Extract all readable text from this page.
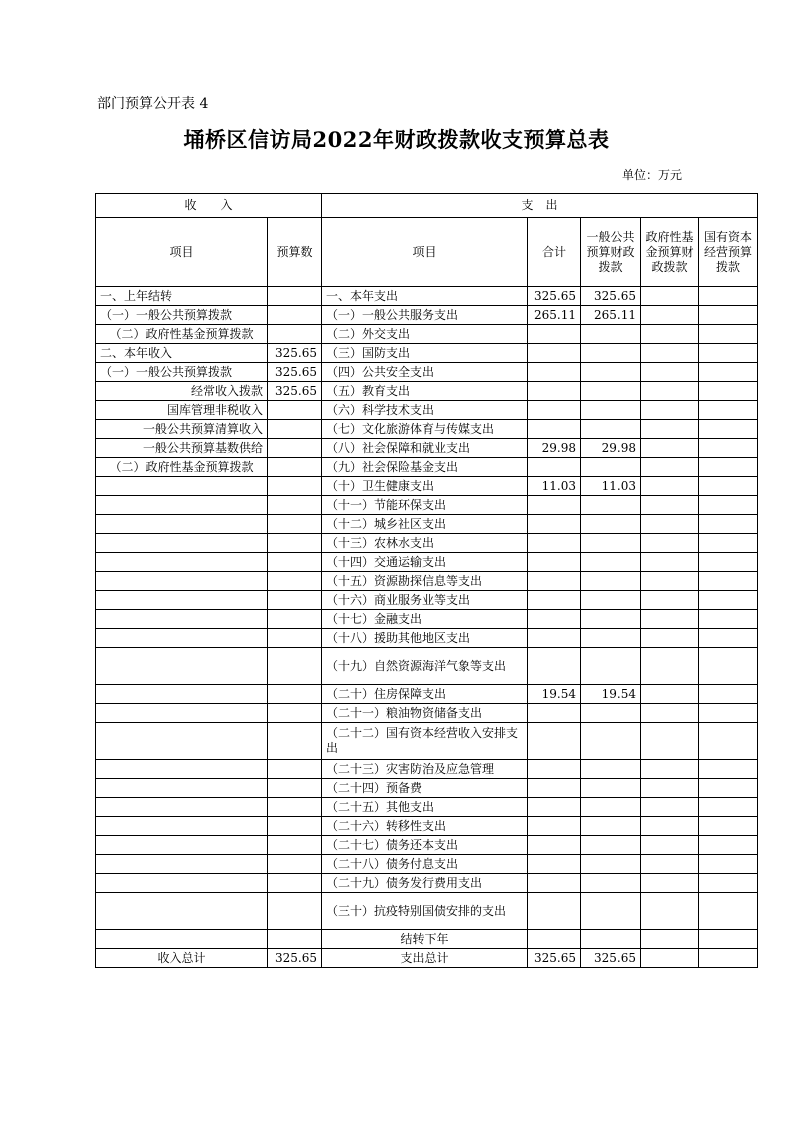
部门预算公开表 4
埇桥区信访局2022年财政拨款收支预算总表
单位：万元
收　　入		支　出				
项目	预算数	项目	合计	一般公共预算财政拨款	政府性基金预算财政拨款	国有资本经营预算拨款
一、上年结转		一、本年支出	325.65	325.65		
（一）一般公共预算拨款		（一）一般公共服务支出	265.11	265.11		
（二）政府性基金预算拨款		（二）外交支出				
二、本年收入	325.65	（三）国防支出				
（一）一般公共预算拨款	325.65	（四）公共安全支出				
经常收入拨款	325.65	（五）教育支出				
国库管理非税收入		（六）科学技术支出				
一般公共预算清算收入		（七）文化旅游体育与传媒支出				
一般公共预算基数供给		（八）社会保障和就业支出	29.98	29.98		
（二）政府性基金预算拨款		（九）社会保险基金支出				
		（十）卫生健康支出	11.03	11.03		
		（十一）节能环保支出				
		（十二）城乡社区支出				
		（十三）农林水支出				
		（十四）交通运输支出				
		（十五）资源勘探信息等支出				
		（十六）商业服务业等支出				
		（十七）金融支出				
		（十八）援助其他地区支出				
		（十九）自然资源海洋气象等支出				
		（二十）住房保障支出	19.54	19.54		
		（二十一）粮油物资储备支出				
		（二十二）国有资本经营收入安排支出				
		（二十三）灾害防治及应急管理				
		（二十四）预备费				
		（二十五）其他支出				
		（二十六）转移性支出				
		（二十七）债务还本支出				
		（二十八）债务付息支出				
		（二十九）债务发行费用支出				
		（三十）抗疫特别国债安排的支出				
		结转下年				
收入总计	325.65	支出总计	325.65	325.65		
